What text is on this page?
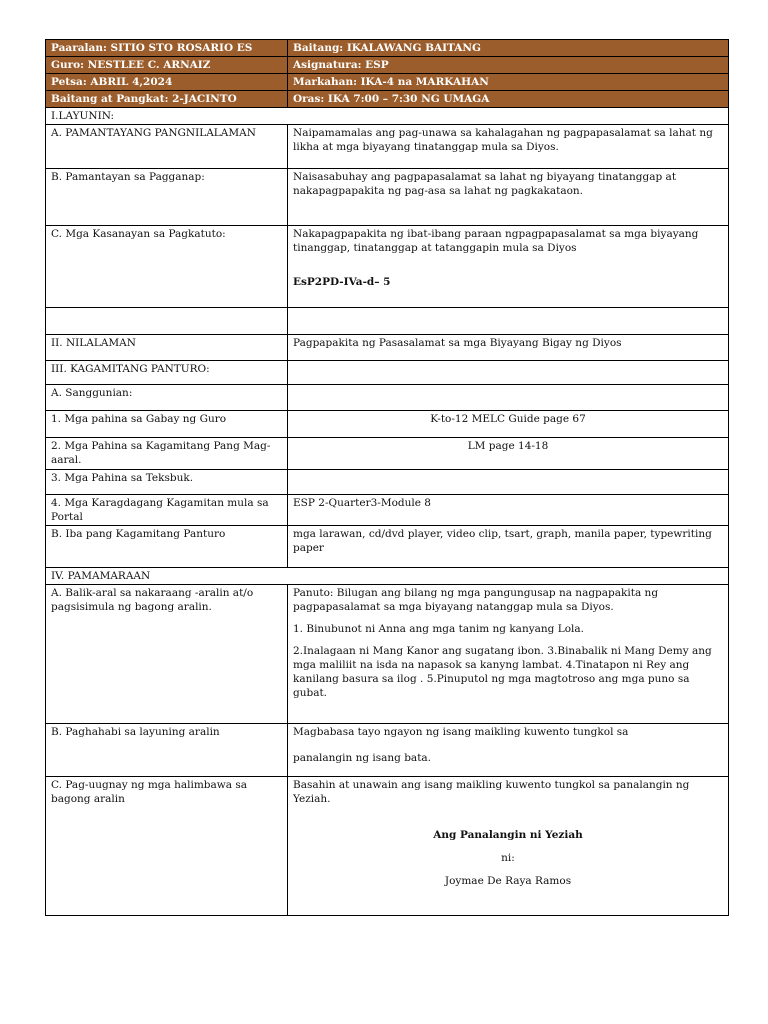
Paaralan: SITIO STO ROSARIO ES	Baitang: IKALAWANG BAITANG
Guro: NESTLEE C. ARNAIZ	Asignatura: ESP
Petsa: ABRIL 4,2024	Markahan: IKA-4 na MARKAHAN
Baitang at Pangkat: 2-JACINTO	Oras: IKA 7:00 – 7:30 NG UMAGA
I.LAYUNIN:	
A. PAMANTAYANG PANGNILALAMAN	Naipamamalas ang pag-unawa sa kahalagahan ng pagpapasalamat sa lahat ng likha at mga biyayang tinatanggap mula sa Diyos.
B. Pamantayan sa Pagganap:	Naisasabuhay ang pagpapasalamat sa lahat ng biyayang tinatanggap at nakapagpapakita ng pag-asa sa lahat ng pagkakataon.
C. Mga Kasanayan sa Pagkatuto:	Nakapagpapakita ng ibat-ibang paraan ngpagpapasalamat sa mga biyayang tinanggap, tinatanggap at tatanggapin mula sa Diyos

EsP2PD-IVa-d– 5

II. NILALAMAN	Pagpapakita ng Pasasalamat sa mga Biyayang Bigay ng Diyos
III. KAGAMITANG PANTURO:	
A. Sanggunian:	
1. Mga pahina sa Gabay ng Guro	K-to-12 MELC Guide page 67
2. Mga Pahina sa Kagamitang Pang Mag-aaral.	LM page 14-18
3. Mga Pahina sa Teksbuk.	
4. Mga Karagdagang Kagamitan mula sa Portal	ESP 2-Quarter3-Module 8
B. Iba pang Kagamitang Panturo	mga larawan, cd/dvd player, video clip, tsart, graph, manila paper, typewriting paper
IV. PAMAMARAAN	
A. Balik-aral sa nakaraang -aralin at/o pagsisimula ng bagong aralin.	Panuto: Bilugan ang bilang ng mga pangungusap na nagpapakita ng pagpapasalamat sa mga biyayang natanggap mula sa Diyos.

1. Binubunot ni Anna ang mga tanim ng kanyang Lola.

2.Inalagaan ni Mang Kanor ang sugatang ibon. 3.Binabalik ni Mang Demy ang mga maliliit na isda na napasok sa kanyng lambat. 4.Tinatapon ni Rey ang kanilang basura sa ilog . 5.Pinuputol ng mga magtotroso ang mga puno sa gubat.

B. Paghahabi sa layuning aralin	Magbabasa tayo ngayon ng isang maikling kuwento tungkol sa

panalangin ng isang bata.

C. Pag-uugnay ng mga halimbawa sa bagong aralin	Basahin at unawain ang isang maikling kuwento tungkol sa panalangin ng Yeziah.

Ang Panalangin ni Yeziah

ni:

Joymae De Raya Ramos
